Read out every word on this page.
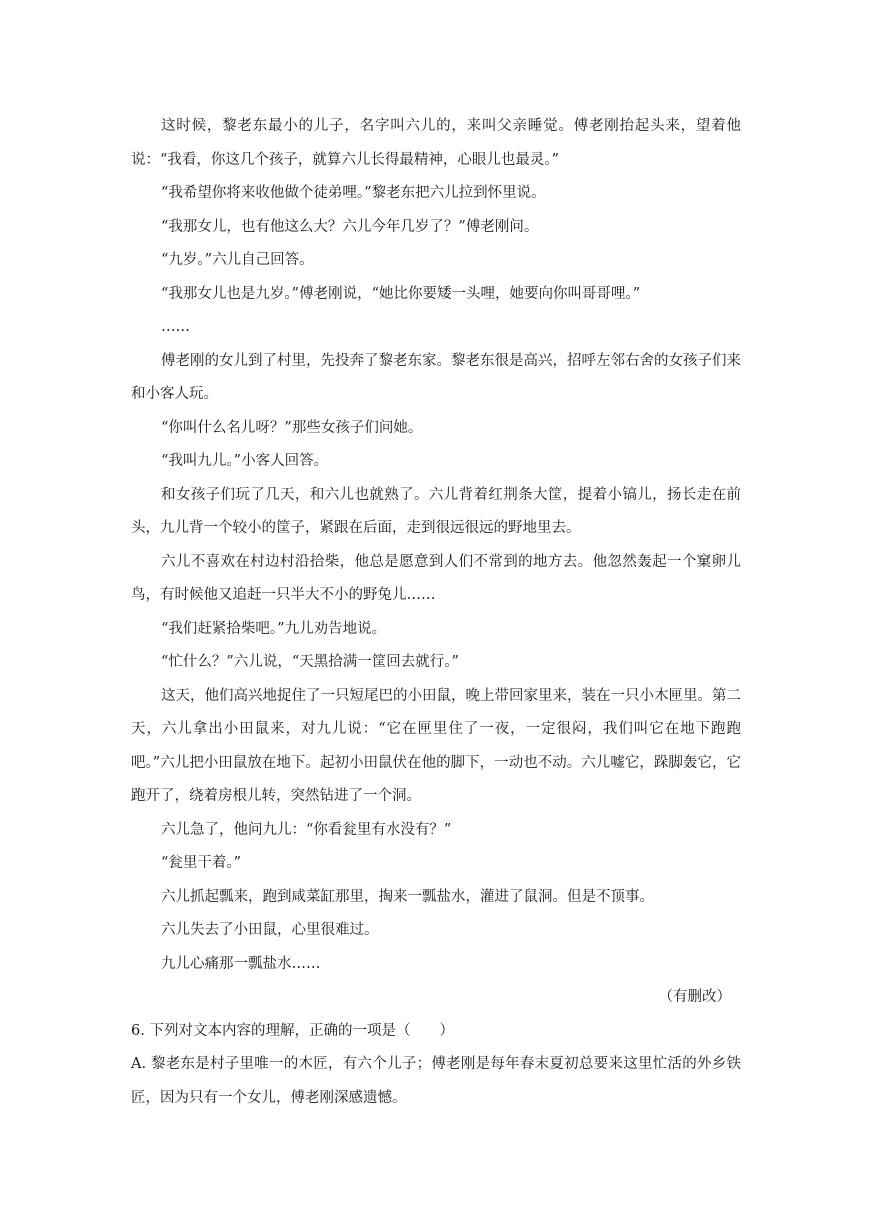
这时候，黎老东最小的儿子，名字叫六儿的，来叫父亲睡觉。傅老刚抬起头来，望着他说：“我看，你这几个孩子，就算六儿长得最精神，心眼儿也最灵。”

“我希望你将来收他做个徒弟哩。”黎老东把六儿拉到怀里说。

“我那女儿，也有他这么大？六儿今年几岁了？”傅老刚问。

“九岁。”六儿自己回答。

“我那女儿也是九岁。”傅老刚说，“她比你要矮一头哩，她要向你叫哥哥哩。”

……

傅老刚的女儿到了村里，先投奔了黎老东家。黎老东很是高兴，招呼左邻右舍的女孩子们来和小客人玩。

“你叫什么名儿呀？”那些女孩子们问她。

“我叫九儿。”小客人回答。

和女孩子们玩了几天，和六儿也就熟了。六儿背着红荆条大筐，提着小镐儿，扬长走在前头，九儿背一个较小的筐子，紧跟在后面，走到很远很远的野地里去。

六儿不喜欢在村边村沿拾柴，他总是愿意到人们不常到的地方去。他忽然轰起一个窠卵儿鸟，有时候他又追赶一只半大不小的野兔儿……

“我们赶紧拾柴吧。”九儿劝告地说。

“忙什么？”六儿说，“天黑拾满一筐回去就行。”

这天，他们高兴地捉住了一只短尾巴的小田鼠，晚上带回家里来，装在一只小木匣里。第二天，六儿拿出小田鼠来，对九儿说：“它在匣里住了一夜，一定很闷，我们叫它在地下跑跑吧。”六儿把小田鼠放在地下。起初小田鼠伏在他的脚下，一动也不动。六儿嘘它，跺脚轰它，它跑开了，绕着房根儿转，突然钻进了一个洞。

六儿急了，他问九儿：“你看瓮里有水没有？”

“瓮里干着。”

六儿抓起瓢来，跑到咸菜缸那里，掏来一瓢盐水，灌进了鼠洞。但是不顶事。

六儿失去了小田鼠，心里很难过。

九儿心痛那一瓢盐水……

（有删改）

6. 下列对文本内容的理解，正确的一项是（　　）

A. 黎老东是村子里唯一的木匠，有六个儿子；傅老刚是每年春末夏初总要来这里忙活的外乡铁匠，因为只有一个女儿，傅老刚深感遗憾。
